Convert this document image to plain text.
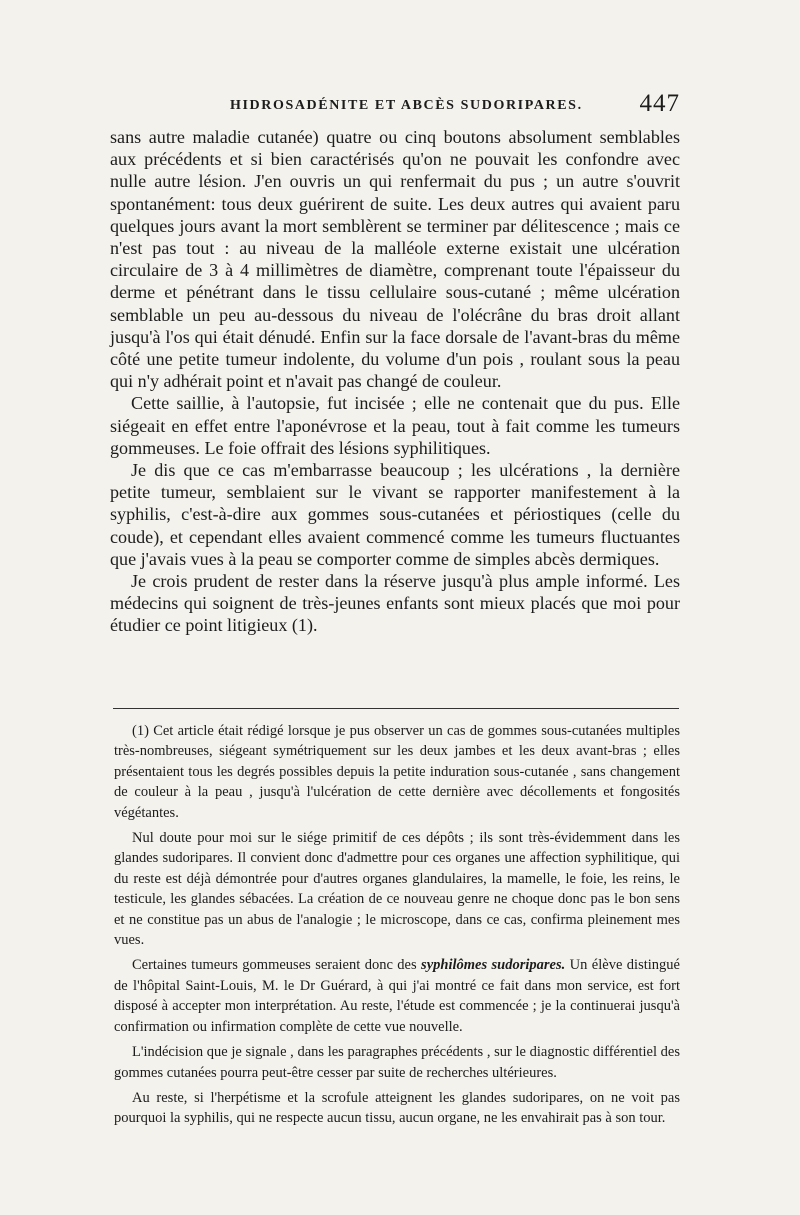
HIDROSADÉNITE ET ABCÈS SUDORIPARES. 447

sans autre maladie cutanée) quatre ou cinq boutons absolument semblables aux précédents et si bien caractérisés qu'on ne pouvait les confondre avec nulle autre lésion. J'en ouvris un qui renfermait du pus ; un autre s'ouvrit spontanément: tous deux guérirent de suite. Les deux autres qui avaient paru quelques jours avant la mort semblèrent se terminer par délitescence ; mais ce n'est pas tout : au niveau de la malléole externe existait une ulcération circulaire de 3 à 4 millimètres de diamètre, comprenant toute l'épaisseur du derme et pénétrant dans le tissu cellulaire sous-cutané ; même ulcération semblable un peu au-dessous du niveau de l'olécrâne du bras droit allant jusqu'à l'os qui était dénudé. Enfin sur la face dorsale de l'avant-bras du même côté une petite tumeur indolente, du volume d'un pois , roulant sous la peau qui n'y adhérait point et n'avait pas changé de couleur.

Cette saillie, à l'autopsie, fut incisée ; elle ne contenait que du pus. Elle siégeait en effet entre l'aponévrose et la peau, tout à fait comme les tumeurs gommeuses. Le foie offrait des lésions syphilitiques.

Je dis que ce cas m'embarrasse beaucoup ; les ulcérations , la dernière petite tumeur, semblaient sur le vivant se rapporter manifestement à la syphilis, c'est-à-dire aux gommes sous-cutanées et périostiques (celle du coude), et cependant elles avaient commencé comme les tumeurs fluctuantes que j'avais vues à la peau se comporter comme de simples abcès dermiques.

Je crois prudent de rester dans la réserve jusqu'à plus ample informé. Les médecins qui soignent de très-jeunes enfants sont mieux placés que moi pour étudier ce point litigieux (1).

(1) Cet article était rédigé lorsque je pus observer un cas de gommes sous-cutanées multiples très-nombreuses, siégeant symétriquement sur les deux jambes et les deux avant-bras ; elles présentaient tous les degrés possibles depuis la petite induration sous-cutanée , sans changement de couleur à la peau , jusqu'à l'ulcération de cette dernière avec décollements et fongosités végétantes.

Nul doute pour moi sur le siége primitif de ces dépôts ; ils sont très-évidemment dans les glandes sudoripares. Il convient donc d'admettre pour ces organes une affection syphilitique, qui du reste est déjà démontrée pour d'autres organes glandulaires, la mamelle, le foie, les reins, le testicule, les glandes sébacées. La création de ce nouveau genre ne choque donc pas le bon sens et ne constitue pas un abus de l'analogie ; le microscope, dans ce cas, confirma pleinement mes vues.

Certaines tumeurs gommeuses seraient donc des syphilômes sudoripares. Un élève distingué de l'hôpital Saint-Louis, M. le Dr Guérard, à qui j'ai montré ce fait dans mon service, est fort disposé à accepter mon interprétation. Au reste, l'étude est commencée ; je la continuerai jusqu'à confirmation ou infirmation complète de cette vue nouvelle.

L'indécision que je signale , dans les paragraphes précédents , sur le diagnostic différentiel des gommes cutanées pourra peut-être cesser par suite de recherches ultérieures.

Au reste, si l'herpétisme et la scrofule atteignent les glandes sudoripares, on ne voit pas pourquoi la syphilis, qui ne respecte aucun tissu, aucun organe, ne les envahirait pas à son tour.
